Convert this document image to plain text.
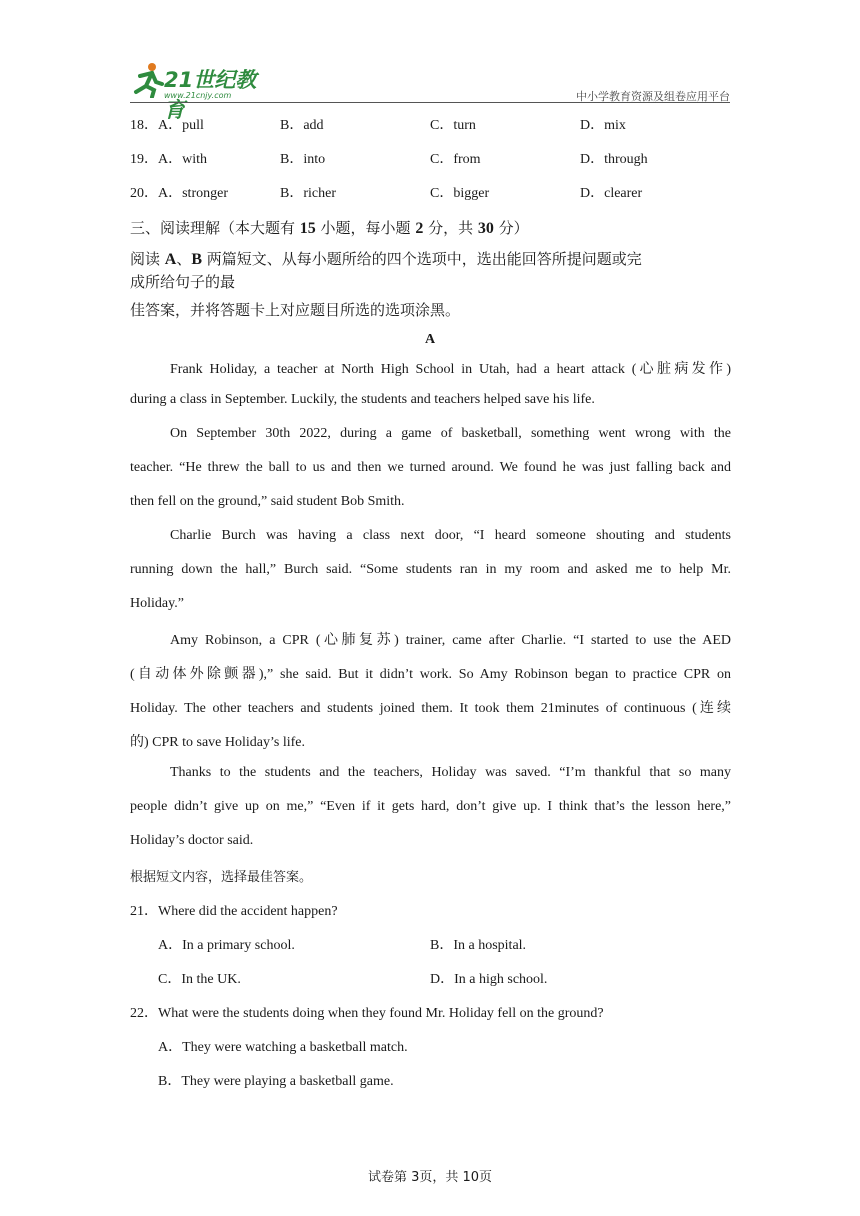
21世纪教育
www.21cnjy.com	中小学教育资源及组卷应用平台
18．A．pull	B．add	C．turn	D．mix
19．A．with	B．into	C．from	D．through
20．A．stronger	B．richer	C．bigger	D．clearer
三、阅读理解（本大题有 15 小题，每小题 2 分，共 30 分）
阅读 A、B 两篇短文、从每小题所给的四个选项中，选出能回答所提问题或完
成所给句子的最
佳答案，并将答题卡上对应题目所选的选项涂黑。
A
Frank Holiday, a teacher at North High School in Utah, had a heart attack (心脏病发作)
during a class in September. Luckily, the students and teachers helped save his life.
On September 30th 2022, during a game of basketball, something went wrong with the
teacher. “He threw the ball to us and then we turned around. We found he was just falling back and
then fell on the ground,” said student Bob Smith.
Charlie Burch was having a class next door, “I heard someone shouting and students
running down the hall,” Burch said. “Some students ran in my room and asked me to help Mr.
Holiday.”
Amy Robinson, a CPR (心肺复苏) trainer, came after Charlie. “I started to use the AED
(自动体外除颤器),” she said. But it didn’t work. So Amy Robinson began to practice CPR on
Holiday. The other teachers and students joined them. It took them 21minutes of continuous (连续
的) CPR to save Holiday’s life.
Thanks to the students and the teachers, Holiday was saved. “I’m thankful that so many
people didn’t give up on me,” “Even if it gets hard, don’t give up. I think that’s the lesson here,”
Holiday’s doctor said.
根据短文内容，选择最佳答案。
21．Where did the accident happen?
A．In a primary school.	B．In a hospital.
C．In the UK.	D．In a high school.
22．What were the students doing when they found Mr. Holiday fell on the ground?
A．They were watching a basketball match.
B．They were playing a basketball game.
试卷第 3页，共 10页
